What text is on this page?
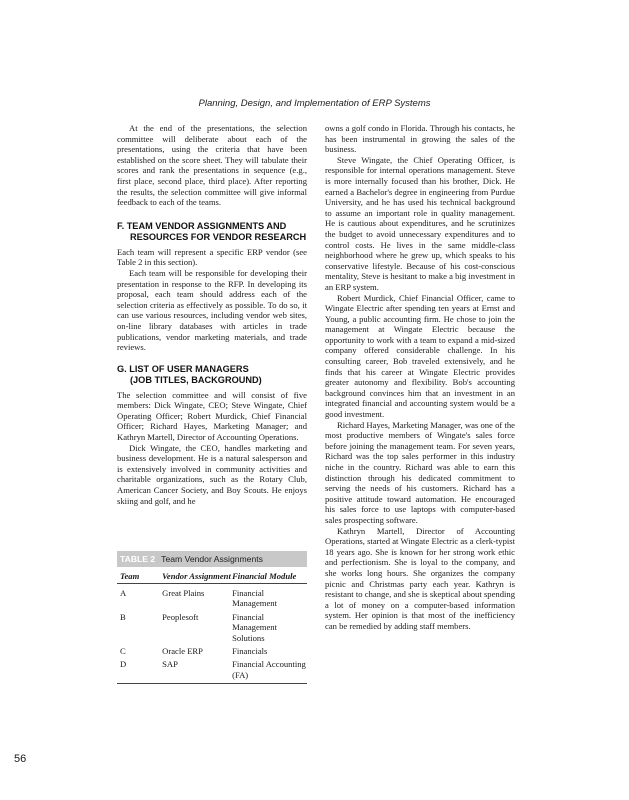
Planning, Design, and Implementation of ERP Systems

At the end of the presentations, the selection committee will deliberate about each of the presentations, using the criteria that have been established on the score sheet. They will tabulate their scores and rank the presentations in sequence (e.g., first place, second place, third place). After reporting the results, the selection committee will give informal feedback to each of the teams.

F. TEAM VENDOR ASSIGNMENTS AND
RESOURCES FOR VENDOR RESEARCH

Each team will represent a specific ERP vendor (see Table 2 in this section).

Each team will be responsible for developing their presentation in response to the RFP. In developing its proposal, each team should address each of the selection criteria as effectively as possible. To do so, it can use various resources, including vendor web sites, on-line library databases with articles in trade publications, vendor marketing materials, and trade reviews.

G. LIST OF USER MANAGERS
(JOB TITLES, BACKGROUND)

The selection committee and will consist of five members: Dick Wingate, CEO; Steve Wingate, Chief Operating Officer; Robert Murdick, Chief Financial Officer; Richard Hayes, Marketing Manager; and Kathryn Martell, Director of Accounting Operations.

Dick Wingate, the CEO, handles marketing and business development. He is a natural salesperson and is extensively involved in community activities and charitable organizations, such as the Rotary Club, American Cancer Society, and Boy Scouts. He enjoys skiing and golf, and he

TABLE 2 Team Vendor Assignments
Team	Vendor Assignment	Financial Module
A	Great Plains	Financial Management
B	Peoplesoft	Financial Management Solutions
C	Oracle ERP	Financials
D	SAP	Financial Accounting (FA)

owns a golf condo in Florida. Through his contacts, he has been instrumental in growing the sales of the business.

Steve Wingate, the Chief Operating Officer, is responsible for internal operations management. Steve is more internally focused than his brother, Dick. He earned a Bachelor's degree in engineering from Purdue University, and he has used his technical background to assume an important role in quality management. He is cautious about expenditures, and he scrutinizes the budget to avoid unnecessary expenditures and to control costs. He lives in the same middle-class neighborhood where he grew up, which speaks to his conservative lifestyle. Because of his cost-conscious mentality, Steve is hesitant to make a big investment in an ERP system.

Robert Murdick, Chief Financial Officer, came to Wingate Electric after spending ten years at Ernst and Young, a public accounting firm. He chose to join the management at Wingate Electric because the opportunity to work with a team to expand a mid-sized company offered considerable challenge. In his consulting career, Bob traveled extensively, and he finds that his career at Wingate Electric provides greater autonomy and flexibility. Bob's accounting background convinces him that an investment in an integrated financial and accounting system would be a good investment.

Richard Hayes, Marketing Manager, was one of the most productive members of Wingate's sales force before joining the management team. For seven years, Richard was the top sales performer in this industry niche in the country. Richard was able to earn this distinction through his dedicated commitment to serving the needs of his customers. Richard has a positive attitude toward automation. He encouraged his sales force to use laptops with computer-based sales prospecting software.

Kathryn Martell, Director of Accounting Operations, started at Wingate Electric as a clerk-typist 18 years ago. She is known for her strong work ethic and perfectionism. She is loyal to the company, and she works long hours. She organizes the company picnic and Christmas party each year. Kathryn is resistant to change, and she is skeptical about spending a lot of money on a computer-based information system. Her opinion is that most of the inefficiency can be remedied by adding staff members.

56
